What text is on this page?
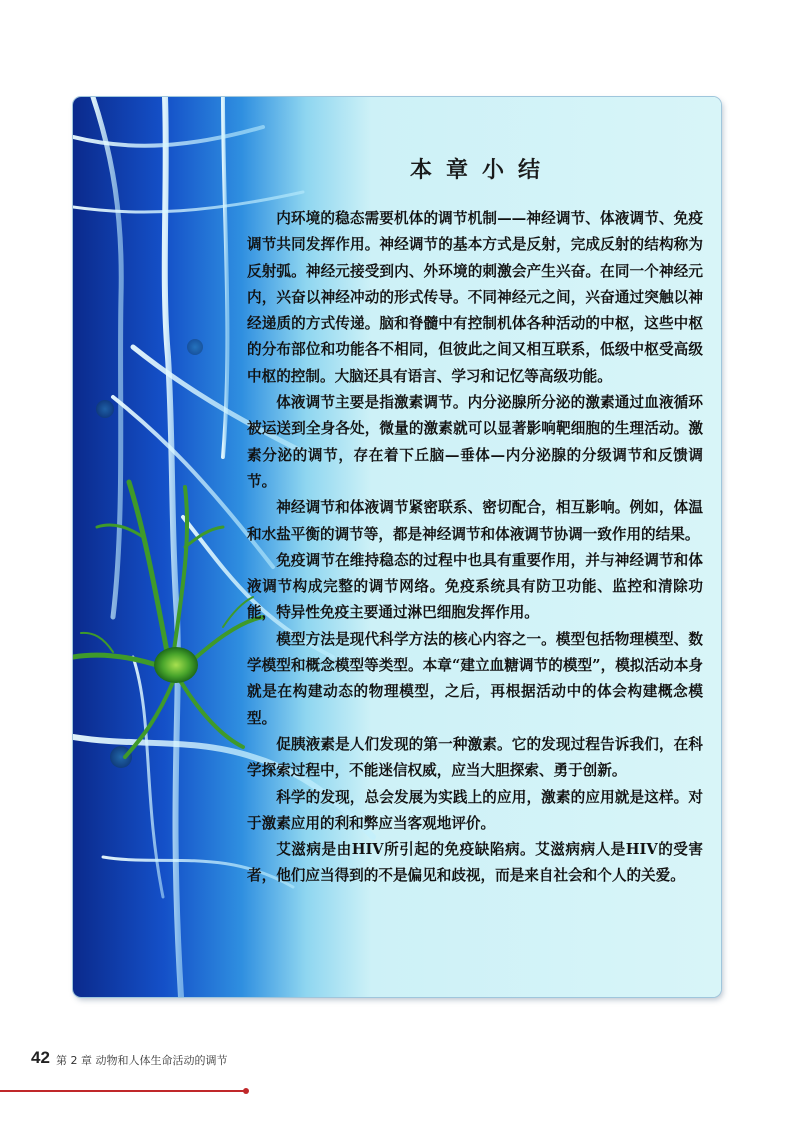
本章小结

内环境的稳态需要机体的调节机制——神经调节、体液调节、免疫调节共同发挥作用。神经调节的基本方式是反射，完成反射的结构称为反射弧。神经元接受到内、外环境的刺激会产生兴奋。在同一个神经元内，兴奋以神经冲动的形式传导。不同神经元之间，兴奋通过突触以神经递质的方式传递。脑和脊髓中有控制机体各种活动的中枢，这些中枢的分布部位和功能各不相同，但彼此之间又相互联系，低级中枢受高级中枢的控制。大脑还具有语言、学习和记忆等高级功能。

体液调节主要是指激素调节。内分泌腺所分泌的激素通过血液循环被运送到全身各处，微量的激素就可以显著影响靶细胞的生理活动。激素分泌的调节，存在着下丘脑—垂体—内分泌腺的分级调节和反馈调节。

神经调节和体液调节紧密联系、密切配合，相互影响。例如，体温和水盐平衡的调节等，都是神经调节和体液调节协调一致作用的结果。

免疫调节在维持稳态的过程中也具有重要作用，并与神经调节和体液调节构成完整的调节网络。免疫系统具有防卫功能、监控和清除功能，特异性免疫主要通过淋巴细胞发挥作用。

模型方法是现代科学方法的核心内容之一。模型包括物理模型、数学模型和概念模型等类型。本章“建立血糖调节的模型”，模拟活动本身就是在构建动态的物理模型，之后，再根据活动中的体会构建概念模型。

促胰液素是人们发现的第一种激素。它的发现过程告诉我们，在科学探索过程中，不能迷信权威，应当大胆探索、勇于创新。

科学的发现，总会发展为实践上的应用，激素的应用就是这样。对于激素应用的利和弊应当客观地评价。

艾滋病是由HIV所引起的免疫缺陷病。艾滋病病人是HIV的受害者，他们应当得到的不是偏见和歧视，而是来自社会和个人的关爱。

42 第 2 章 动物和人体生命活动的调节
